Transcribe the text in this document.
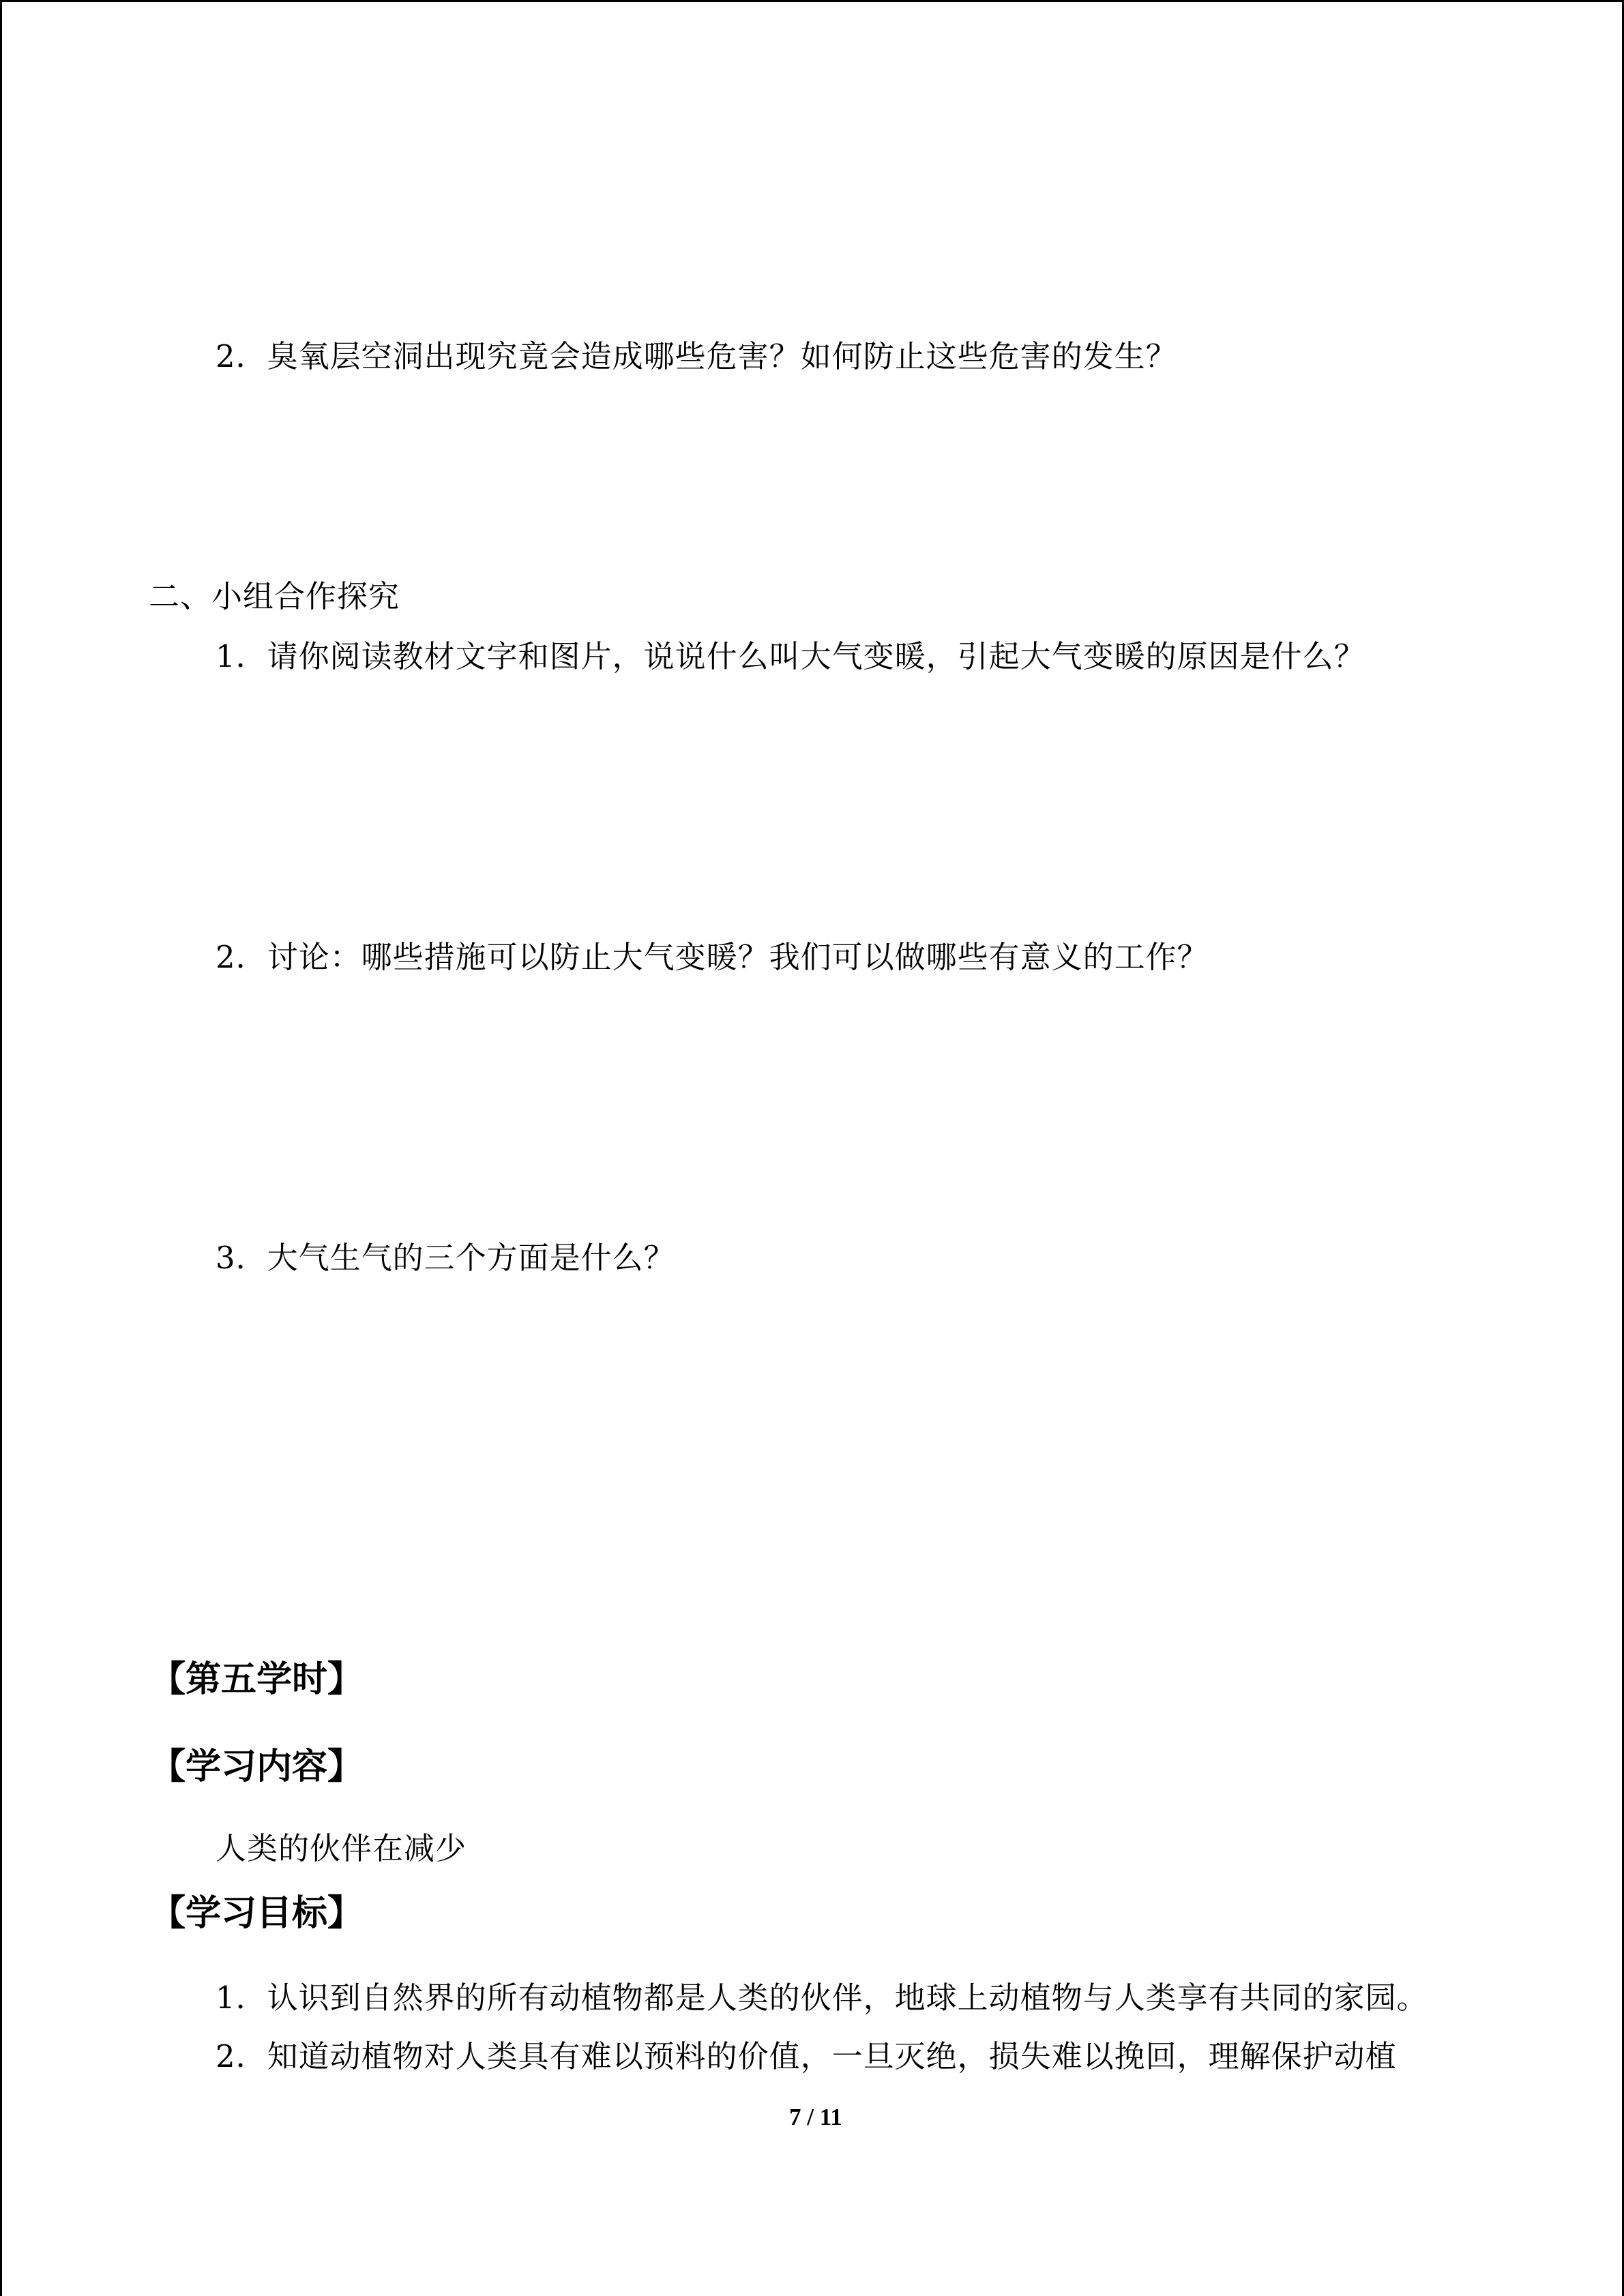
2．臭氧层空洞出现究竟会造成哪些危害？如何防止这些危害的发生？
二、小组合作探究
1．请你阅读教材文字和图片，说说什么叫大气变暖，引起大气变暖的原因是什么？
2．讨论：哪些措施可以防止大气变暖？我们可以做哪些有意义的工作？
3．大气生气的三个方面是什么？
【第五学时】
【学习内容】
人类的伙伴在减少
【学习目标】
1．认识到自然界的所有动植物都是人类的伙伴，地球上动植物与人类享有共同的家园。
2．知道动植物对人类具有难以预料的价值，一旦灭绝，损失难以挽回，理解保护动植
7 / 11
